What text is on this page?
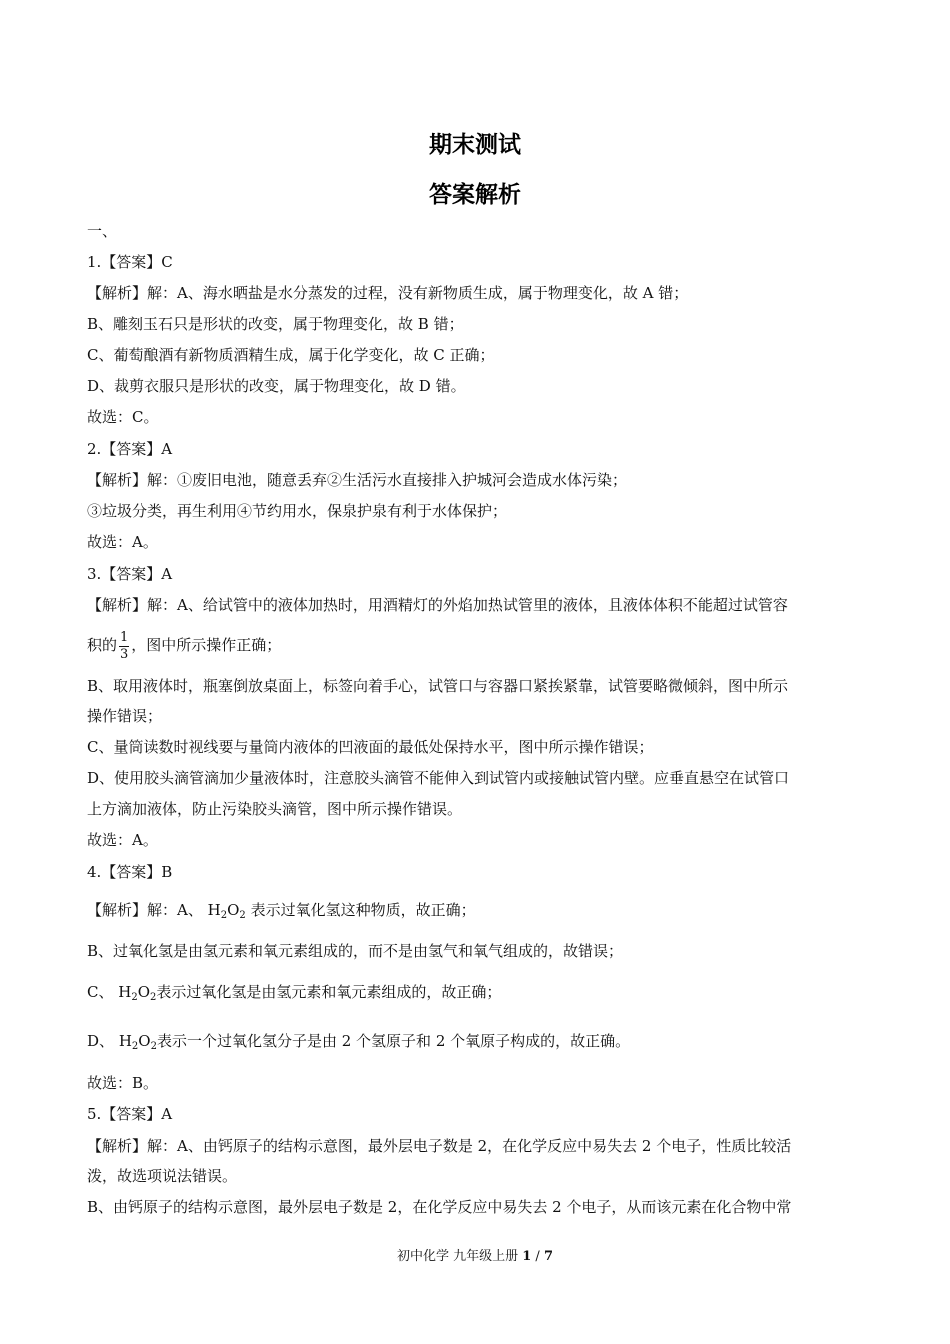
期末测试
答案解析
一、
1.【答案】C
【解析】解：A、海水晒盐是水分蒸发的过程，没有新物质生成，属于物理变化，故 A 错；
B、雕刻玉石只是形状的改变，属于物理变化，故 B 错；
C、葡萄酿酒有新物质酒精生成，属于化学变化，故 C 正确；
D、裁剪衣服只是形状的改变，属于物理变化，故 D 错。
故选：C。
2.【答案】A
【解析】解：①废旧电池，随意丢弃②生活污水直接排入护城河会造成水体污染；
③垃圾分类，再生利用④节约用水，保泉护泉有利于水体保护；
故选：A。
3.【答案】A
【解析】解：A、给试管中的液体加热时，用酒精灯的外焰加热试管里的液体，且液体体积不能超过试管容
积的 $\frac{1}{3}$ ，图中所示操作正确；
B、取用液体时，瓶塞倒放桌面上，标签向着手心，试管口与容器口紧挨紧靠，试管要略微倾斜，图中所示
操作错误；
C、量筒读数时视线要与量筒内液体的凹液面的最低处保持水平，图中所示操作错误；
D、使用胶头滴管滴加少量液体时，注意胶头滴管不能伸入到试管内或接触试管内壁。应垂直悬空在试管口
上方滴加液体，防止污染胶头滴管，图中所示操作错误。
故选：A。
4.【答案】B
【解析】解：A、 $H_2O_2$ 表示过氧化氢这种物质，故正确；
B、过氧化氢是由氢元素和氧元素组成的，而不是由氢气和氧气组成的，故错误；
C、 $H_2O_2$表示过氧化氢是由氢元素和氧元素组成的，故正确；
D、 $H_2O_2$表示一个过氧化氢分子是由 2 个氢原子和 2 个氧原子构成的，故正确。
故选：B。
5.【答案】A
【解析】解：A、由钙原子的结构示意图，最外层电子数是 2，在化学反应中易失去 2 个电子，性质比较活
泼，故选项说法错误。
B、由钙原子的结构示意图，最外层电子数是 2，在化学反应中易失去 2 个电子，从而该元素在化合物中常
初中化学 九年级上册 1 / 7
